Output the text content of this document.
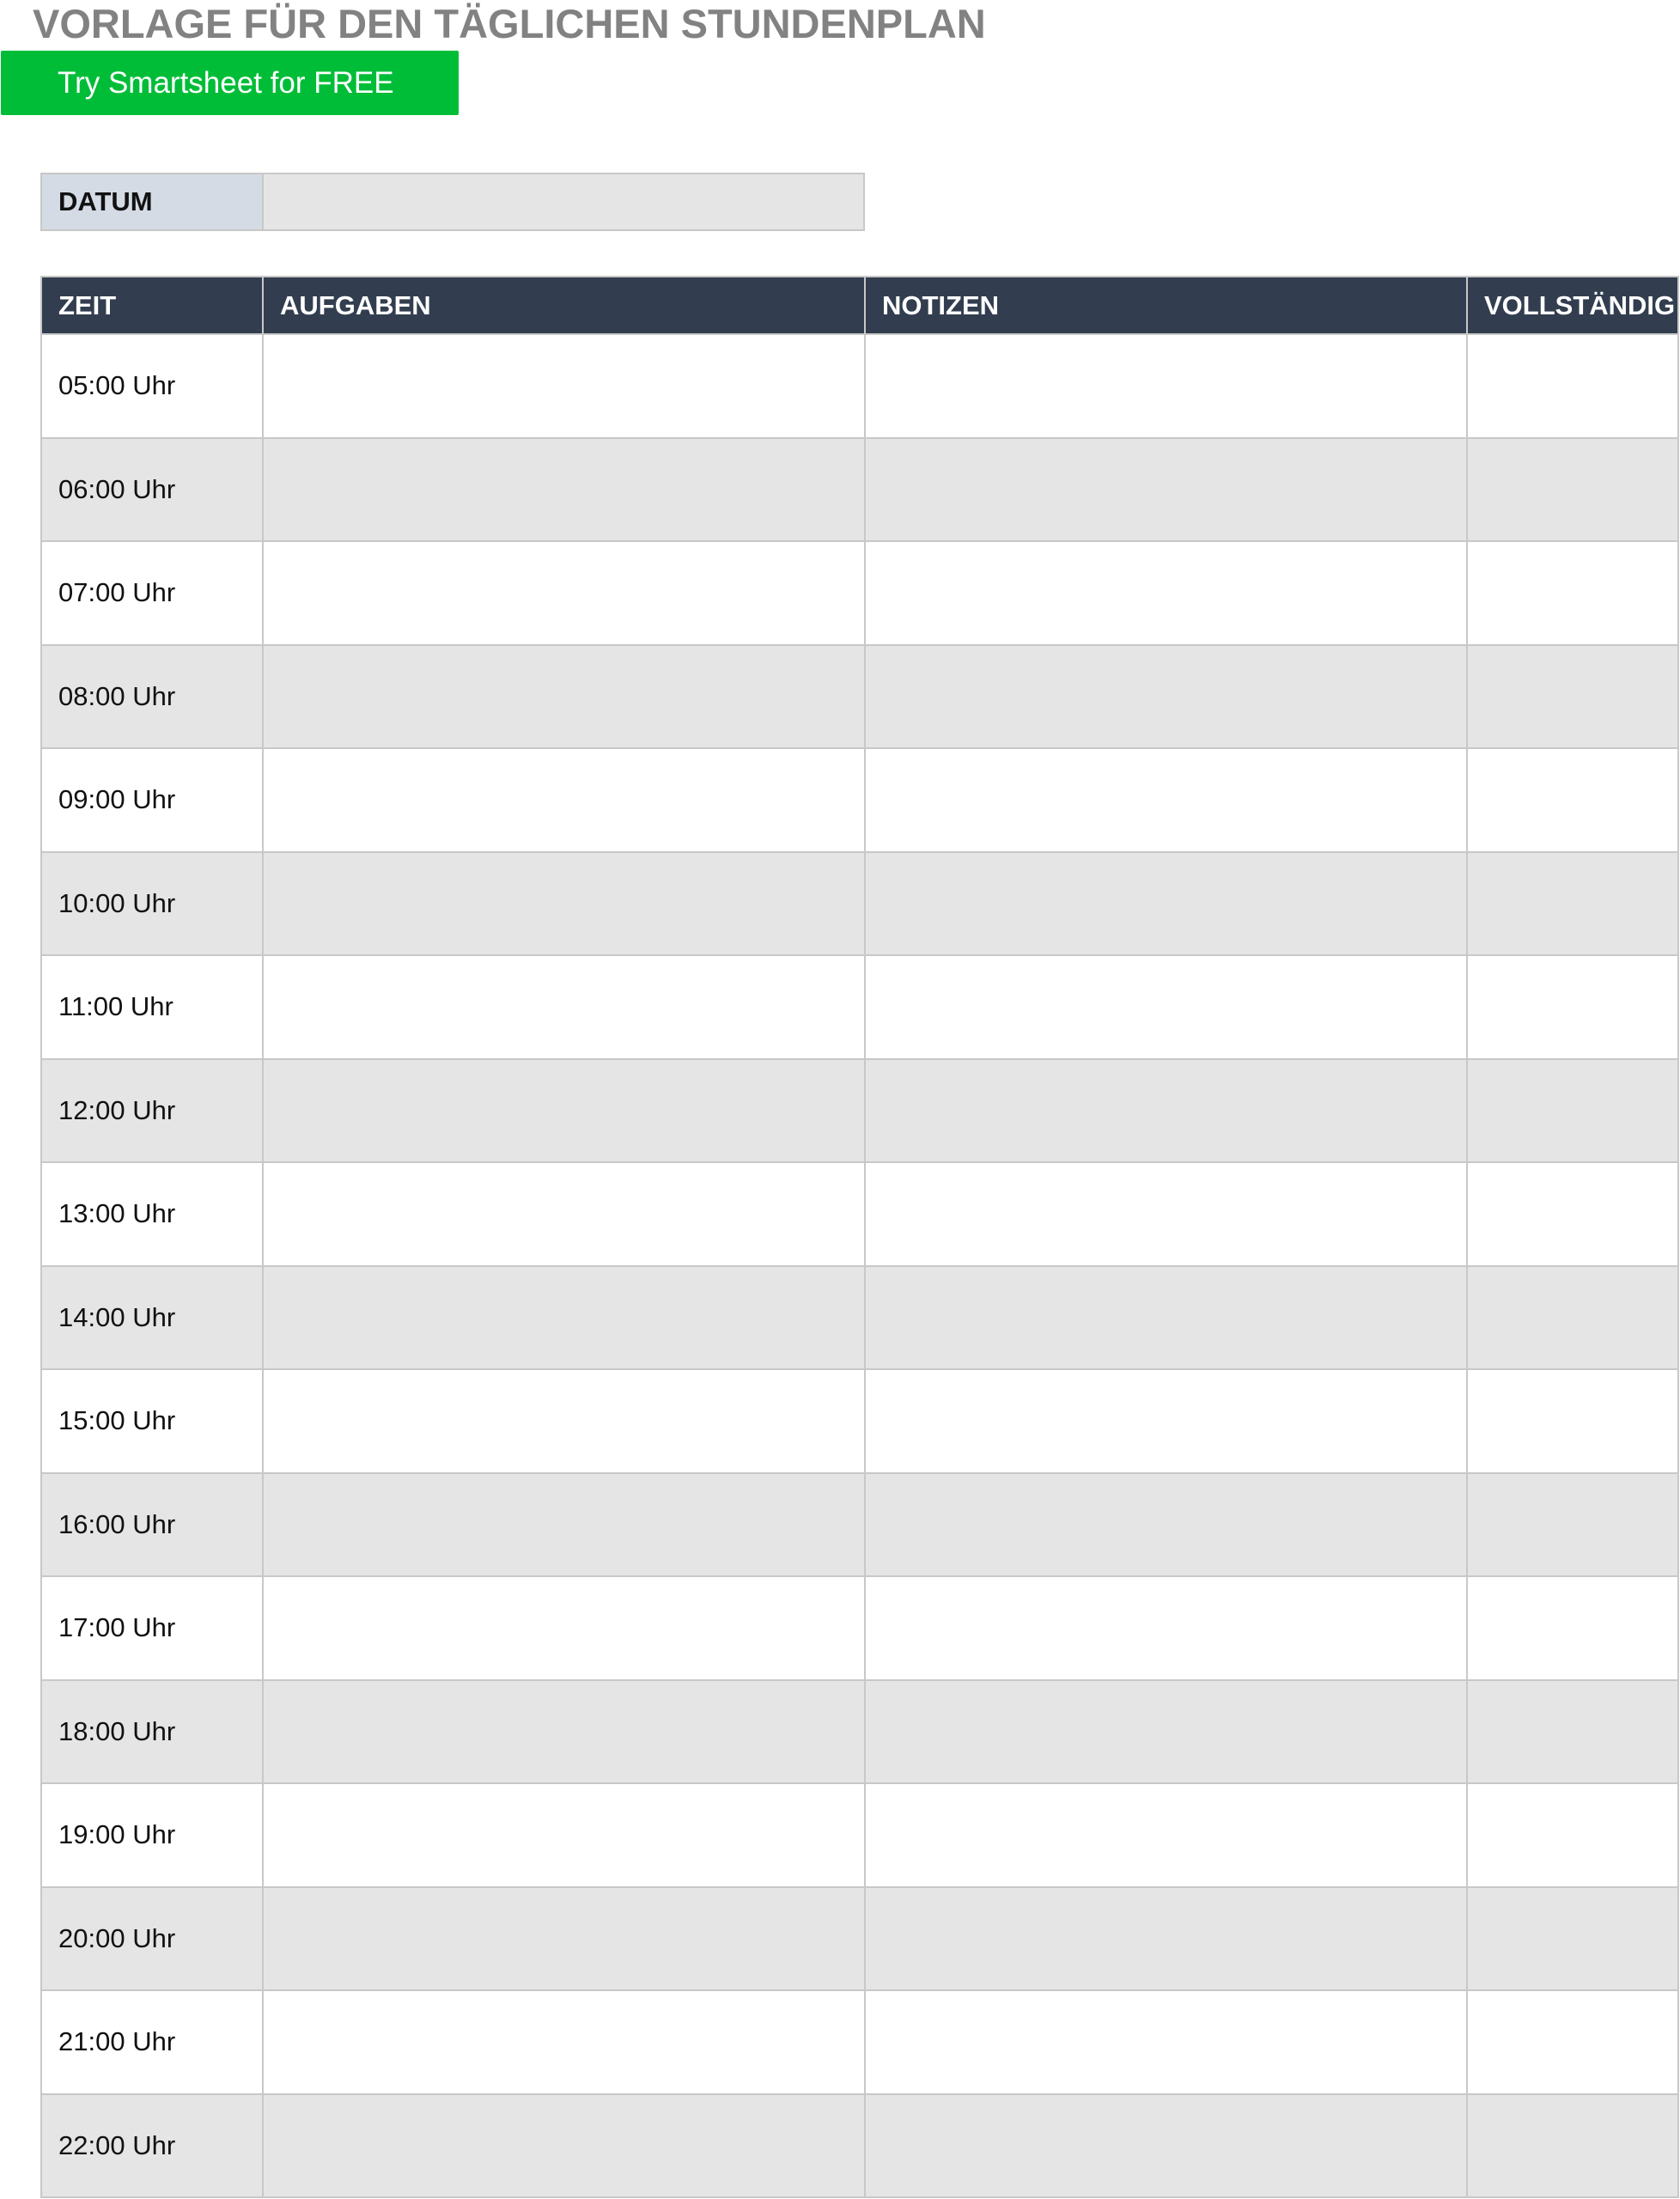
VORLAGE FÜR DEN TÄGLICHEN STUNDENPLAN
Try Smartsheet for FREE
DATUM	
ZEIT	AUFGABEN	NOTIZEN	VOLLSTÄNDIG
05:00 Uhr			
06:00 Uhr			
07:00 Uhr			
08:00 Uhr			
09:00 Uhr			
10:00 Uhr			
11:00 Uhr			
12:00 Uhr			
13:00 Uhr			
14:00 Uhr			
15:00 Uhr			
16:00 Uhr			
17:00 Uhr			
18:00 Uhr			
19:00 Uhr			
20:00 Uhr			
21:00 Uhr			
22:00 Uhr			
